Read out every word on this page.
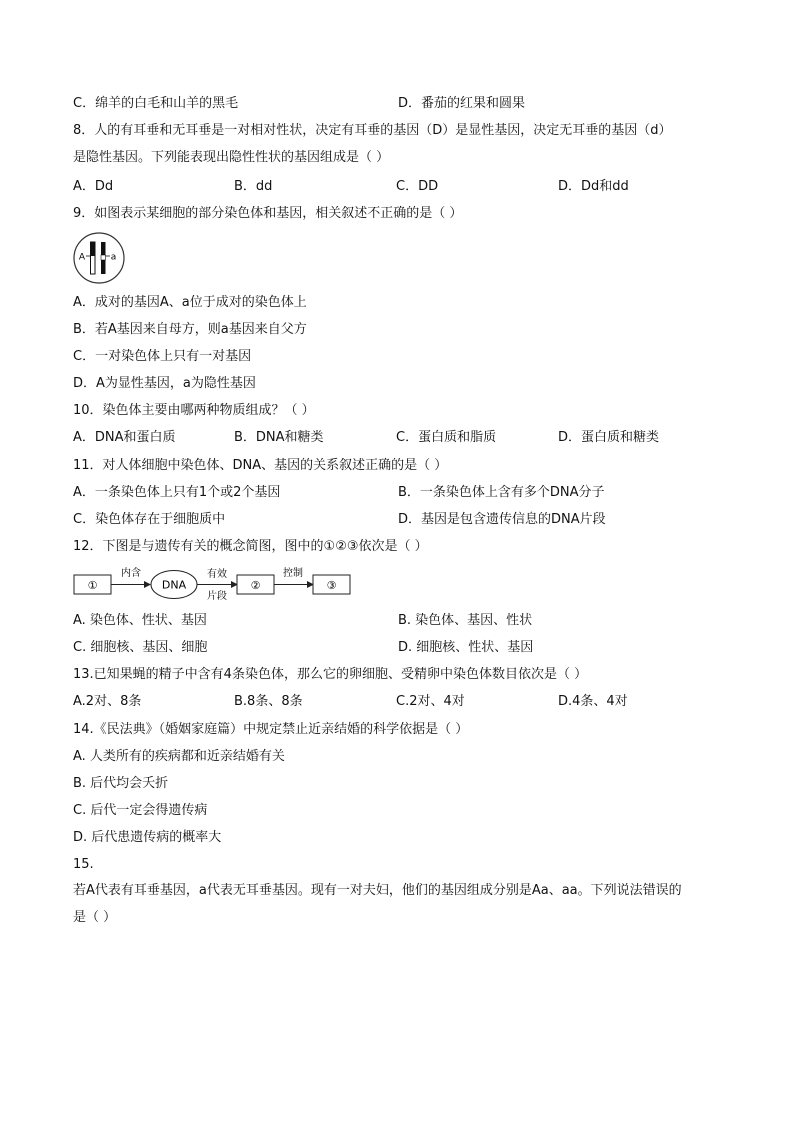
C．绵羊的白毛和山羊的黑毛	D．番茄的红果和圆果
8．人的有耳垂和无耳垂是一对相对性状，决定有耳垂的基因（D）是显性基因，决定无耳垂的基因（d）
是隐性基因。下列能表现出隐性性状的基因组成是（ ）
A．Dd	B．dd	C．DD	D．Dd和dd
9．如图表示某细胞的部分染色体和基因，相关叙述不正确的是（ ）
A	a
A．成对的基因A、a位于成对的染色体上
B．若A基因来自母方，则a基因来自父方
C．一对染色体上只有一对基因
D．A为显性基因，a为隐性基因
10．染色体主要由哪两种物质组成？（ ）
A．DNA和蛋白质	B．DNA和糖类	C．蛋白质和脂质	D．蛋白质和糖类
11．对人体细胞中染色体、DNA、基因的关系叙述正确的是（ ）
A．一条染色体上只有1个或2个基因	B．一条染色体上含有多个DNA分子
C．染色体存在于细胞质中	D．基因是包含遗传信息的DNA片段
12．下图是与遗传有关的概念简图，图中的①②③依次是（ ）
①
内含
DNA
有效
片段
②
控制
③
A. 染色体、性状、基因	B. 染色体、基因、性状
C. 细胞核、基因、细胞	D. 细胞核、性状、基因
13.已知果蝇的精子中含有4条染色体，那么它的卵细胞、受精卵中染色体数目依次是（ ）
A.2对、8条	B.8条、8条	C.2对、4对	D.4条、4对
14.《民法典》（婚姻家庭篇）中规定禁止近亲结婚的科学依据是（ ）
A. 人类所有的疾病都和近亲结婚有关
B. 后代均会夭折
C. 后代一定会得遗传病
D. 后代患遗传病的概率大
15.
若A代表有耳垂基因，a代表无耳垂基因。现有一对夫妇，他们的基因组成分别是Aa、aa。下列说法错误的
是（ ）
